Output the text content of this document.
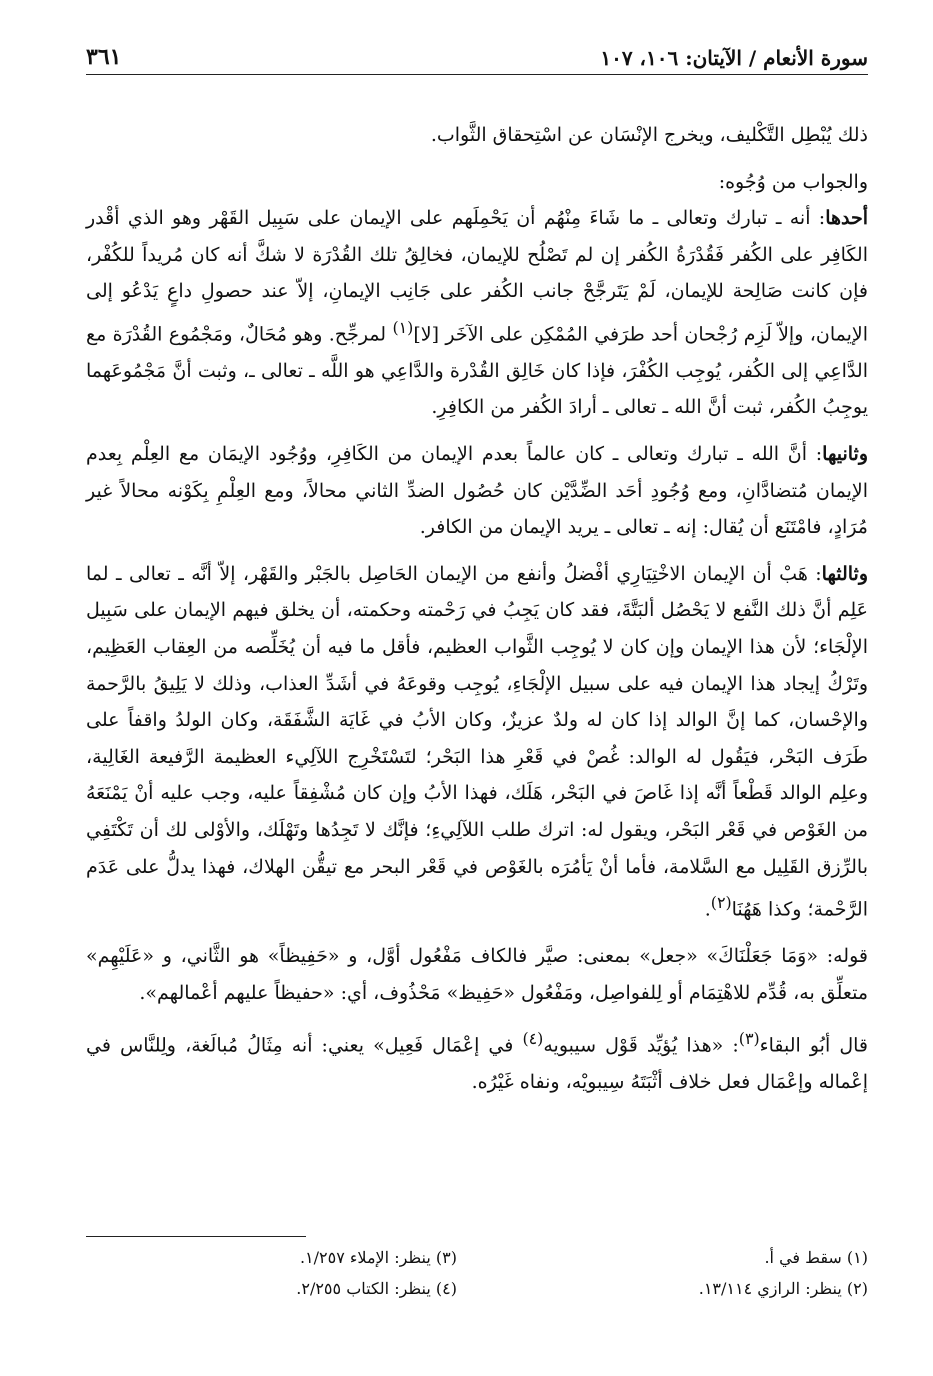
سورة الأنعام / الآيتان: ١٠٦، ١٠٧
٣٦١

ذلك يُبْطِل التَّكْليف، ويخرج الإنْسَان عن اسْتِحقاق الثَّواب.

والجواب من وُجُوه:

أحدها: أنه ـ تبارك وتعالى ـ ما شَاءَ مِنْهُم أن يَحْمِلَهم على الإيمان على سَبِيل القَهْر وهو الذي أقْدر الكَافِر على الكُفر فَقُدْرَةُ الكُفر إن لم تَصْلُح للإيمان، فخالِقُ تلك القُدْرَة لا شكَّ أنه كان مُريداً للكُفْر، فإن كانت صَالِحة للإيمان، لَمْ يَتَرجَّحْ جانب الكُفر على جَانِب الإيمانِ، إلاّ عند حصولِ داعٍ يَدْعُو إلى الإيمان، وإلاّ لَزِم رُجْحان أحد طرَفي المُمْكِن على الآخَر [لا]$^{(١)}$ لمرجِّح. وهو مُحَالٌ، ومَجْمُوع القُدْرَة مع الدَّاعِي إلى الكُفر، يُوجِب الكُفْرَ، فإذا كان خَالِق القُدْرة والدَّاعِي هو اللَّه ـ تعالى ـ، وثبت أنَّ مَجْمُوعَهما يوجِبُ الكُفر، ثبت أنَّ الله ـ تعالى ـ أرادَ الكُفر من الكافِرِ.

وثانيها: أنَّ الله ـ تبارك وتعالى ـ كان عالماً بعدم الإيمان من الكَافِرِ، ووُجُود الإيمَان مع العِلْم بِعدم الإيمان مُتضادَّانِ، ومع وُجُودِ أحَد الضِّدَّيْن كان حُصُول الضدِّ الثاني محالاً، ومع العِلْمِ بِكَوْنه محالاً غير مُرَادٍ، فامْتَنَع أن يُقال: إنه ـ تعالى ـ يريد الإيمان من الكافر.

وثالثها: هَبْ أن الإيمان الاخْتِيَارِي أفْضلُ وأنفع من الإيمان الحَاصِل بالجَبْر والقَهْر، إلاّ أنَّه ـ تعالى ـ لما عَلِم أنَّ ذلك النَّفع لا يَحْصُل ألبَتَّةَ، فقد كان يَجِبُ في رَحْمته وحكمته، أن يخلق فيهم الإيمان على سَبِيل الإلْجَاء؛ لأن هذا الإيمان وإن كان لا يُوجِب الثَّواب العظيم، فأقل ما فيه أن يُخَلِّصه من العِقاب العَظِيم، وتَرْكُ إيجاد هذا الإيمان فيه على سبيل الإلْجَاءِ، يُوجِب وقوعَهُ في أشَدِّ العذاب، وذلك لا يَلِيقُ بالرَّحمة والإحْسان، كما إنَّ الوالد إذا كان له ولدٌ عزيزٌ، وكان الأبُ في غَايَة الشَّفَقَة، وكان الولدُ واقفاً على طَرَف البَحْر، فيَقُول له الوالد: غُصْ في قَعْرِ هذا البَحْر؛ لتَسْتَخْرِج اللآلِيء العظيمة الرَّفيعة الغَالِية، وعلِم الوالد قَطْعاً أنَّه إذا غَاصَ في البَحْر، هَلَك، فهذا الأبُ وإن كان مُشْفِقاً عليه، وجب عليه أنْ يَمْنَعَهُ من الغَوْص في قَعْر البَحْر، ويقول له: اترك طلب اللآلِيءِ؛ فإنَّك لا تَجِدُها وتَهْلَك، والأوْلى لك أن تَكْتَفِي بالرِّزق القَلِيل مع السَّلامة، فأما أنْ يَأمُرَه بالغَوْص في قَعْر البحر مع تيقُّن الهلاك، فهذا يدلُّ على عَدَم الرَّحْمة؛ وكذا هَهُنَا$^{(٢)}$.

قوله: «وَمَا جَعَلْنَاكَ» «جعل» بمعنى: صيَّر فالكاف مَفْعُول أوَّل، و «حَفِيظاً» هو الثَّاني، و «عَلَيْهِم» متعلِّق به، قُدِّم للاهْتِمَام أو لِلفواصِل، ومَفْعُول «حَفِيظ» مَحْذُوف، أي: «حفيظاً عليهم أعْمالهم».

قال أبُو البقاء$^{(٣)}$: «هذا يُؤيِّد قَوْل سيبويه$^{(٤)}$ في إعْمَال فَعِيل» يعني: أنه مِثَالُ مُبالَغة، ولِلنَّاس في إعْماله وإعْمَال فعل خلاف أثْبَتَهُ سِيبويْه، ونفاه غَيْرُه.

(١) سقط في أ.
(٣) ينظر: الإملاء ١/٢٥٧.
(٢) ينظر: الرازي ١٣/١١٤.
(٤) ينظر: الكتاب ٢/٢٥٥.
